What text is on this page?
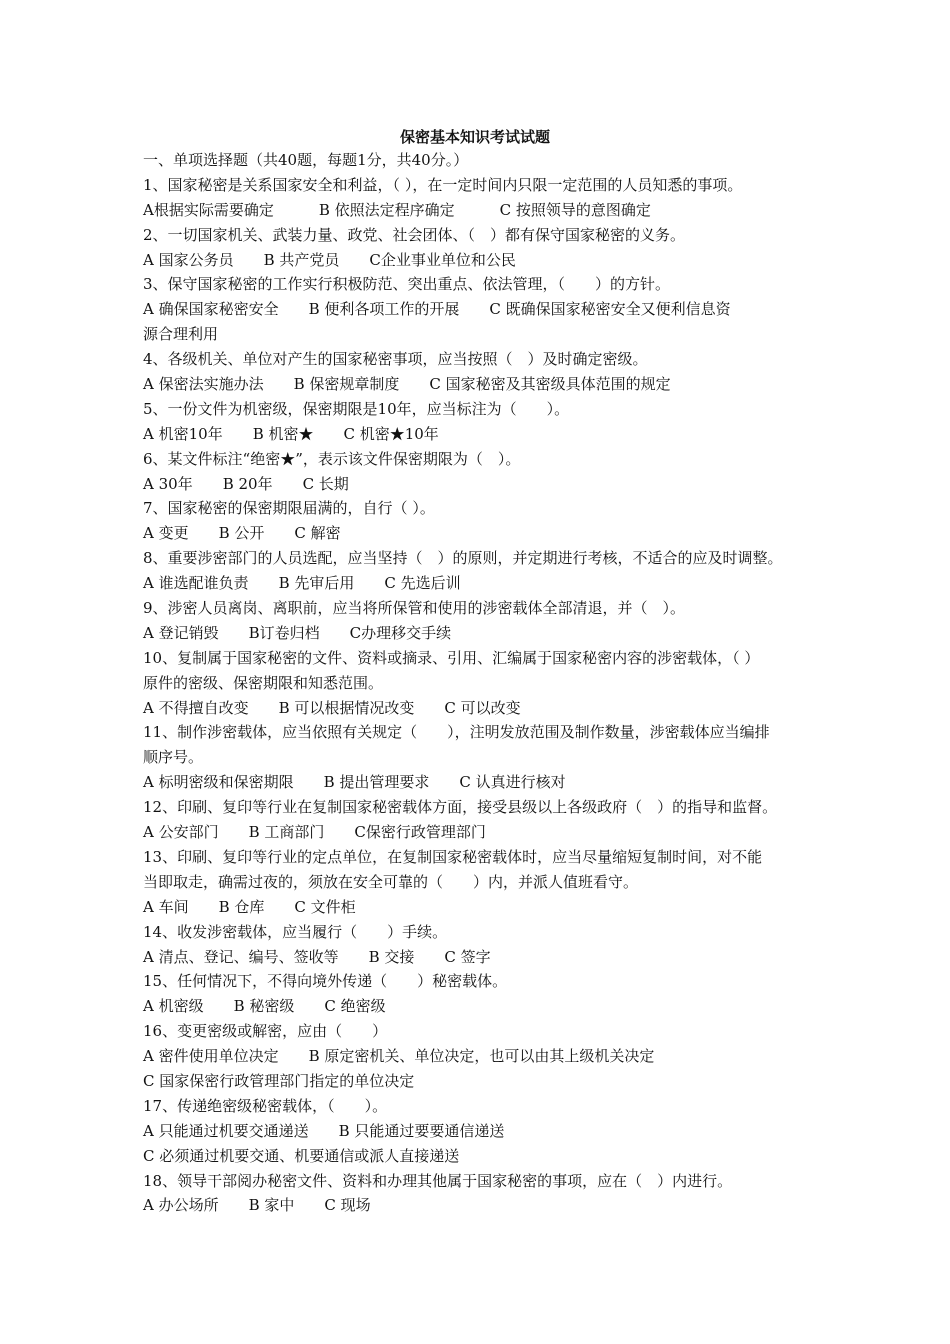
保密基本知识考试试题
一、单项选择题（共40题，每题1分，共40分。）
1、国家秘密是关系国家安全和利益，（ ），在一定时间内只限一定范围的人员知悉的事项。
A根据实际需要确定　　　B 依照法定程序确定　　　C 按照领导的意图确定
2、一切国家机关、武装力量、政党、社会团体、（　）都有保守国家秘密的义务。
A 国家公务员　　B 共产党员　　C企业事业单位和公民
3、保守国家秘密的工作实行积极防范、突出重点、依法管理，（　　）的方针。
A 确保国家秘密安全　　B 便利各项工作的开展　　C 既确保国家秘密安全又便利信息资
源合理利用
4、各级机关、单位对产生的国家秘密事项，应当按照（　）及时确定密级。
A 保密法实施办法　　B 保密规章制度　　C 国家秘密及其密级具体范围的规定
5、一份文件为机密级，保密期限是10年，应当标注为（　　）。
A 机密10年　　B 机密★　　C 机密★10年
6、某文件标注“绝密★”，表示该文件保密期限为（　）。
A 30年　　B 20年　　C 长期
7、国家秘密的保密期限届满的，自行（ ）。
A 变更　　B 公开　　C 解密
8、重要涉密部门的人员选配，应当坚持（　）的原则，并定期进行考核，不适合的应及时调整。
A 谁选配谁负责　　B 先审后用　　C 先选后训
9、涉密人员离岗、离职前，应当将所保管和使用的涉密载体全部清退，并（　）。
A 登记销毁　　B订卷归档　　C办理移交手续
10、复制属于国家秘密的文件、资料或摘录、引用、汇编属于国家秘密内容的涉密载体，（ ）
原件的密级、保密期限和知悉范围。
A 不得擅自改变　　B 可以根据情况改变　　C 可以改变
11、制作涉密载体，应当依照有关规定（　　），注明发放范围及制作数量，涉密载体应当编排
顺序号。
A 标明密级和保密期限　　B 提出管理要求　　C 认真进行核对
12、印刷、复印等行业在复制国家秘密载体方面，接受县级以上各级政府（　）的指导和监督。
A 公安部门　　B 工商部门　　C保密行政管理部门
13、印刷、复印等行业的定点单位，在复制国家秘密载体时，应当尽量缩短复制时间，对不能
当即取走，确需过夜的，须放在安全可靠的（　　）内，并派人值班看守。
A 车间　　B 仓库　　C 文件柜
14、收发涉密载体，应当履行（　　）手续。
A 清点、登记、编号、签收等　　B 交接　　C 签字
15、任何情况下，不得向境外传递（　　）秘密载体。
A 机密级　　B 秘密级　　C 绝密级
16、变更密级或解密，应由（　　）
A 密件使用单位决定　　B 原定密机关、单位决定，也可以由其上级机关决定
C 国家保密行政管理部门指定的单位决定
17、传递绝密级秘密载体，（　　）。
A 只能通过机要交通递送　　B 只能通过要要通信递送
C 必须通过机要交通、机要通信或派人直接递送
18、领导干部阅办秘密文件、资料和办理其他属于国家秘密的事项，应在（　）内进行。
A 办公场所　　B 家中　　C 现场
